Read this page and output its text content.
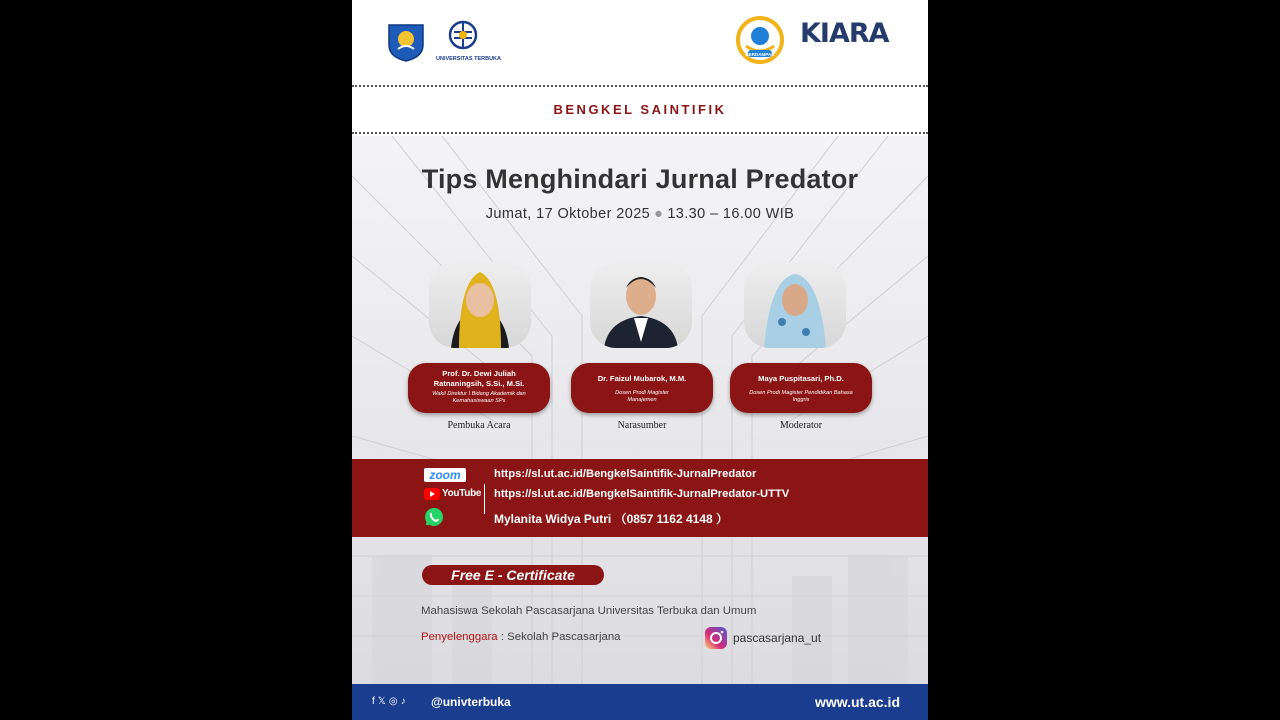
UNIVERSITAS TERBUKA
BERDAMPAK
KIARA
BENGKEL SAINTIFIK
Tips Menghindari Jurnal Predator
Jumat, 17 Oktober 2025 ● 13.30 – 16.00 WIB
Prof. Dr. Dewi Juliah Ratnaningsih, S.Si., M.Si.
Wakil Direktur I Bidang Akademik dan Kemahasiswaan SPs
Pembuka Acara
Dr. Faizul Mubarok, M.M.
Dosen Prodi Magister Manajemen
Narasumber
Maya Puspitasari, Ph.D.
Dosen Prodi Magister Pendidikan Bahasa Inggris
Moderator
zoom
YouTube
https://sl.ut.ac.id/BengkelSaintifik-JurnalPredator
https://sl.ut.ac.id/BengkelSaintifik-JurnalPredator-UTTV
Mylanita Widya Putri （0857 1162 4148 ）
Free E - Certificate
Mahasiswa Sekolah Pascasarjana Universitas Terbuka dan Umum
Penyelenggara : Sekolah Pascasarjana	pascasarjana_ut
f𝕏◎♪ @univterbuka	www.ut.ac.id
